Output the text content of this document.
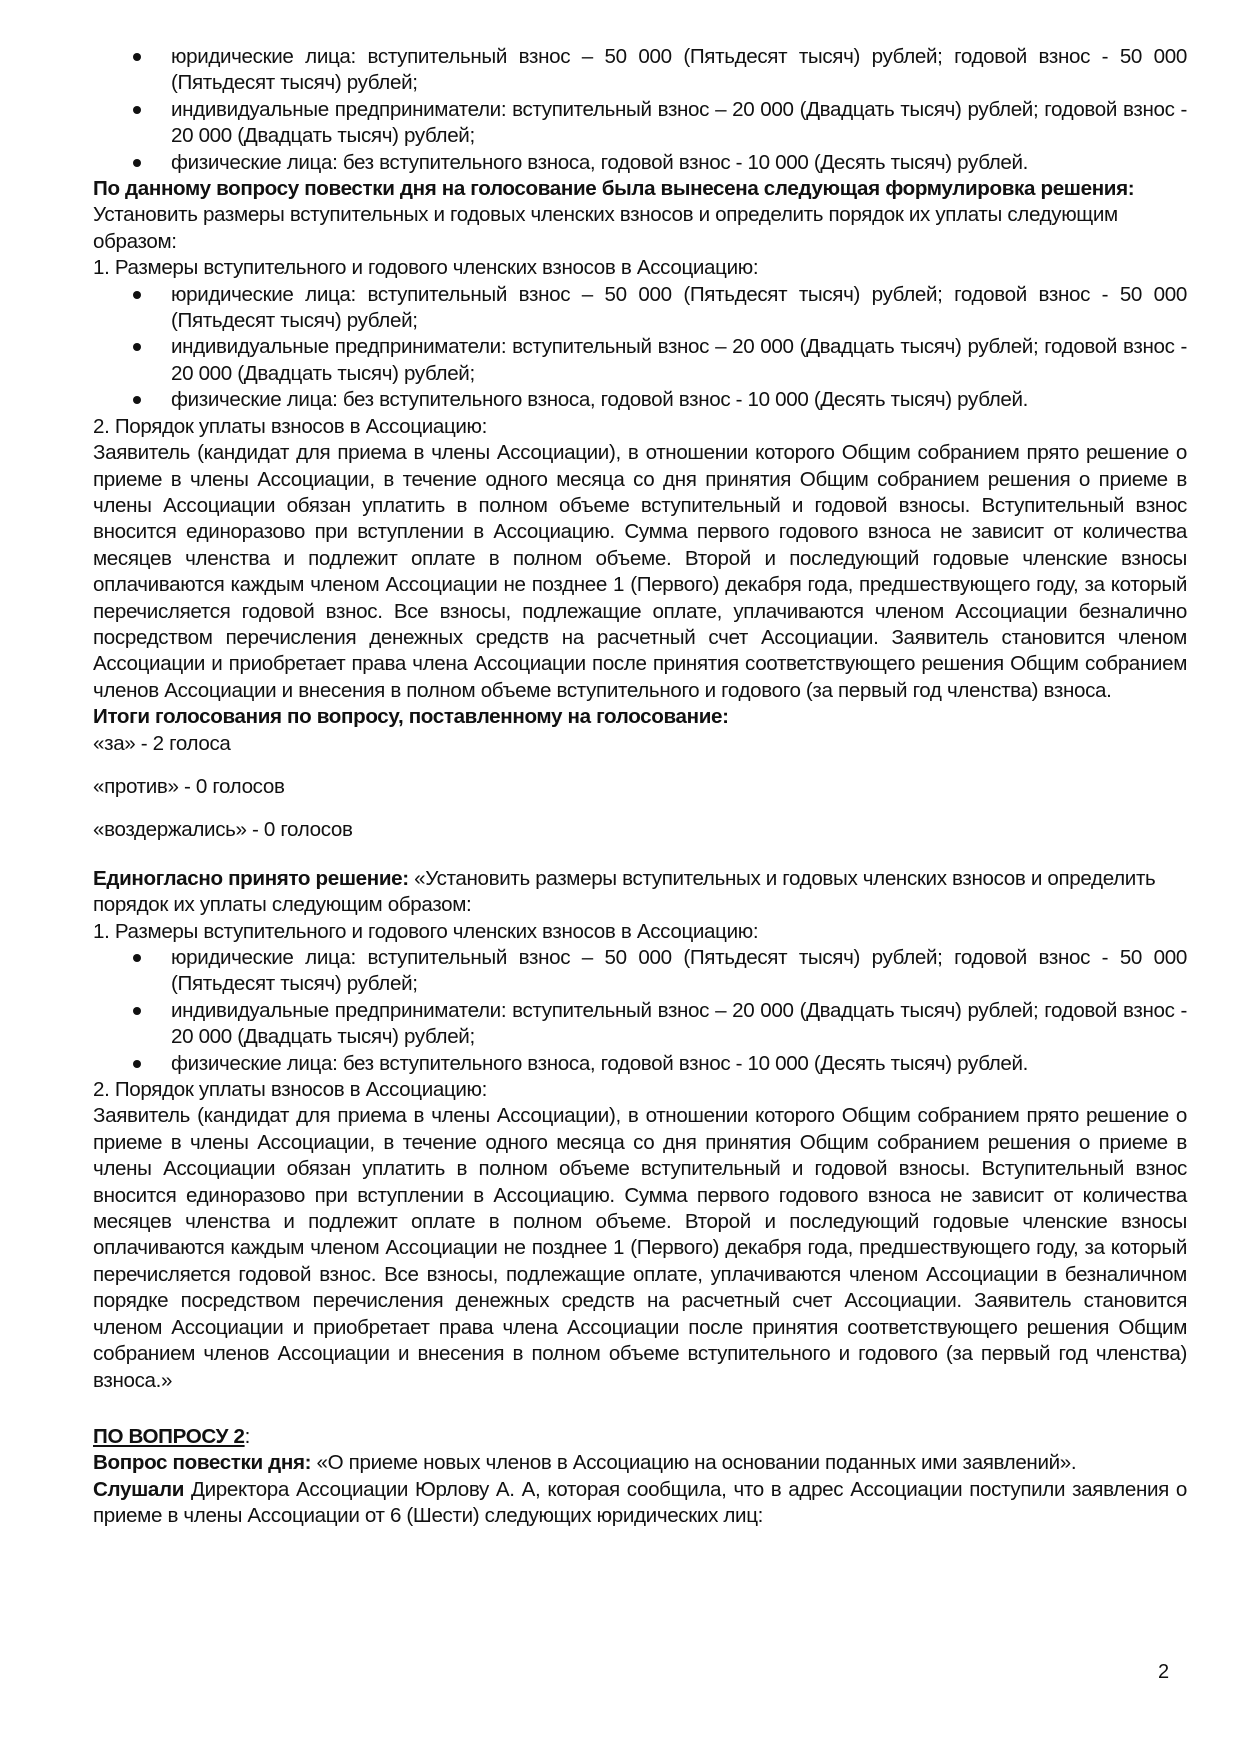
юридические лица: вступительный взнос – 50 000 (Пятьдесят тысяч) рублей; годовой взнос - 50 000 (Пятьдесят тысяч) рублей;
индивидуальные предприниматели: вступительный взнос – 20 000 (Двадцать тысяч) рублей; годовой взнос - 20 000 (Двадцать тысяч) рублей;
физические лица: без вступительного взноса, годовой взнос - 10 000 (Десять тысяч) рублей.

По данному вопросу повестки дня на голосование была вынесена следующая формулировка решения:

Установить размеры вступительных и годовых членских взносов и определить порядок их уплаты следующим образом:

1. Размеры вступительного и годового членских взносов в Ассоциацию:

юридические лица: вступительный взнос – 50 000 (Пятьдесят тысяч) рублей; годовой взнос - 50 000 (Пятьдесят тысяч) рублей;
индивидуальные предприниматели: вступительный взнос – 20 000 (Двадцать тысяч) рублей; годовой взнос - 20 000 (Двадцать тысяч) рублей;
физические лица: без вступительного взноса, годовой взнос - 10 000 (Десять тысяч) рублей.

2. Порядок уплаты взносов в Ассоциацию:

Заявитель (кандидат для приема в члены Ассоциации), в отношении которого Общим собранием прято решение о приеме в члены Ассоциации, в течение одного месяца со дня принятия Общим собранием решения о приеме в члены Ассоциации обязан уплатить в полном объеме вступительный и годовой взносы. Вступительный взнос вносится единоразово при вступлении в Ассоциацию. Сумма первого годового взноса не зависит от количества месяцев членства и подлежит оплате в полном объеме. Второй и последующий годовые членские взносы оплачиваются каждым членом Ассоциации не позднее 1 (Первого) декабря года, предшествующего году, за который перечисляется годовой взнос. Все взносы, подлежащие оплате, уплачиваются членом Ассоциации безналично посредством перечисления денежных средств на расчетный счет Ассоциации. Заявитель становится членом Ассоциации и приобретает права члена Ассоциации после принятия соответствующего решения Общим собранием членов Ассоциации и внесения в полном объеме вступительного и годового (за первый год членства) взноса.

Итоги голосования по вопросу, поставленному на голосование:

«за» - 2 голоса

«против» - 0 голосов

«воздержались» - 0 голосов

Единогласно принято решение: «Установить размеры вступительных и годовых членских взносов и определить порядок их уплаты следующим образом:

1. Размеры вступительного и годового членских взносов в Ассоциацию:

юридические лица: вступительный взнос – 50 000 (Пятьдесят тысяч) рублей; годовой взнос - 50 000 (Пятьдесят тысяч) рублей;
индивидуальные предприниматели: вступительный взнос – 20 000 (Двадцать тысяч) рублей; годовой взнос - 20 000 (Двадцать тысяч) рублей;
физические лица: без вступительного взноса, годовой взнос - 10 000 (Десять тысяч) рублей.

2. Порядок уплаты взносов в Ассоциацию:

Заявитель (кандидат для приема в члены Ассоциации), в отношении которого Общим собранием прято решение о приеме в члены Ассоциации, в течение одного месяца со дня принятия Общим собранием решения о приеме в члены Ассоциации обязан уплатить в полном объеме вступительный и годовой взносы. Вступительный взнос вносится единоразово при вступлении в Ассоциацию. Сумма первого годового взноса не зависит от количества месяцев членства и подлежит оплате в полном объеме. Второй и последующий годовые членские взносы оплачиваются каждым членом Ассоциации не позднее 1 (Первого) декабря года, предшествующего году, за который перечисляется годовой взнос. Все взносы, подлежащие оплате, уплачиваются членом Ассоциации в безналичном порядке посредством перечисления денежных средств на расчетный счет Ассоциации. Заявитель становится членом Ассоциации и приобретает права члена Ассоциации после принятия соответствующего решения Общим собранием членов Ассоциации и внесения в полном объеме вступительного и годового (за первый год членства) взноса.»

ПО ВОПРОСУ 2:

Вопрос повестки дня: «О приеме новых членов в Ассоциацию на основании поданных ими заявлений».

Слушали Директора Ассоциации Юрлову А. А, которая сообщила, что в адрес Ассоциации поступили заявления о приеме в члены Ассоциации от 6 (Шести) следующих юридических лиц:

2
